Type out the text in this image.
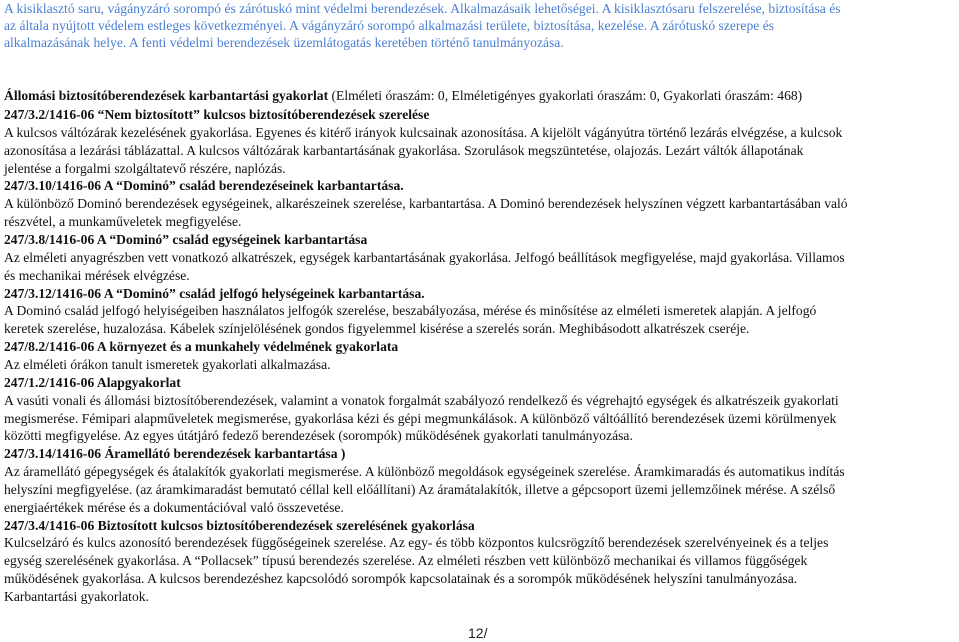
A kisiklasztó saru, vágányzáró sorompó és zárótuskó mint védelmi berendezések. Alkalmazásaik lehetőségei. A kisiklasztósaru felszerelése, biztosítása és
az általa nyújtott védelem estleges következményei. A vágányzáró sorompó alkalmazási területe, biztosítása, kezelése. A zárótuskó szerepe és
alkalmazásának helye. A fenti védelmi berendezések üzemlátogatás keretében történő tanulmányozása.
Állomási biztosítóberendezések karbantartási gyakorlat (Elméleti óraszám: 0, Elméletigényes gyakorlati óraszám: 0, Gyakorlati óraszám: 468)
247/3.2/1416-06 “Nem biztosított” kulcsos biztosítóberendezések szerelése
A kulcsos váltózárak kezelésének gyakorlása. Egyenes és kitérő irányok kulcsainak azonosítása. A kijelölt vágányútra történő lezárás elvégzése, a kulcsok
azonosítása a lezárási táblázattal. A kulcsos váltózárak karbantartásának gyakorlása. Szorulások megszüntetése, olajozás. Lezárt váltók állapotának
jelentése a forgalmi szolgáltatevő részére, naplózás.
247/3.10/1416-06 A “Dominó” család berendezéseinek karbantartása.
A különböző Dominó berendezések egységeinek, alkarészeinek szerelése, karbantartása. A Dominó berendezések helyszínen végzett karbantartásában való
részvétel, a munkaműveletek megfigyelése.
247/3.8/1416-06 A “Dominó” család egységeinek karbantartása
Az elméleti anyagrészben vett vonatkozó alkatrészek, egységek karbantartásának gyakorlása. Jelfogó beállítások megfigyelése, majd gyakorlása. Villamos
és mechanikai mérések elvégzése.
247/3.12/1416-06 A “Dominó” család jelfogó helységeinek karbantartása.
A Dominó család jelfogó helyiségeiben használatos jelfogók szerelése, beszabályozása, mérése és minősítése az elméleti ismeretek alapján. A jelfogó
keretek szerelése, huzalozása. Kábelek színjelölésének gondos figyelemmel kisérése a szerelés során. Meghibásodott alkatrészek cseréje.
247/8.2/1416-06 A környezet és a munkahely védelmének gyakorlata
Az elméleti órákon tanult ismeretek gyakorlati alkalmazása.
247/1.2/1416-06 Alapgyakorlat
A vasúti vonali és állomási biztosítóberendezések, valamint a vonatok forgalmát szabályozó rendelkező és végrehajtó egységek és alkatrészeik gyakorlati
megismerése. Fémipari alapműveletek megismerése, gyakorlása kézi és gépi megmunkálások. A különböző váltóállító berendezések üzemi körülmenyek
közötti megfigyelése. Az egyes útátjáró fedező berendezések (sorompók) működésének gyakorlati tanulmányozása.
247/3.14/1416-06 Áramellátó berendezések karbantartása )
Az áramellátó gépegységek és átalakítók gyakorlati megismerése. A különböző megoldások egységeinek szerelése. Áramkimaradás és automatikus indítás
helyszíni megfigyelése. (az áramkimaradást bemutató céllal kell előállítani) Az áramátalakítók, illetve a gépcsoport üzemi jellemzőinek mérése. A szélső
energiaértékek mérése és a dokumentációval való összevetése.
247/3.4/1416-06 Biztosított kulcsos biztosítóberendezések szerelésének gyakorlása
Kulcselzáró és kulcs azonosító berendezések függőségeinek szerelése. Az egy- és több központos kulcsrögzítő berendezések szerelvényeinek és a teljes
egység szerelésének gyakorlása. A “Pollacsek” típusú berendezés szerelése. Az elméleti részben vett különböző mechanikai és villamos függőségek
működésének gyakorlása. A kulcsos berendezéshez kapcsolódó sorompók kapcsolatainak és a sorompók működésének helyszíni tanulmányozása.
Karbantartási gyakorlatok.
12/
